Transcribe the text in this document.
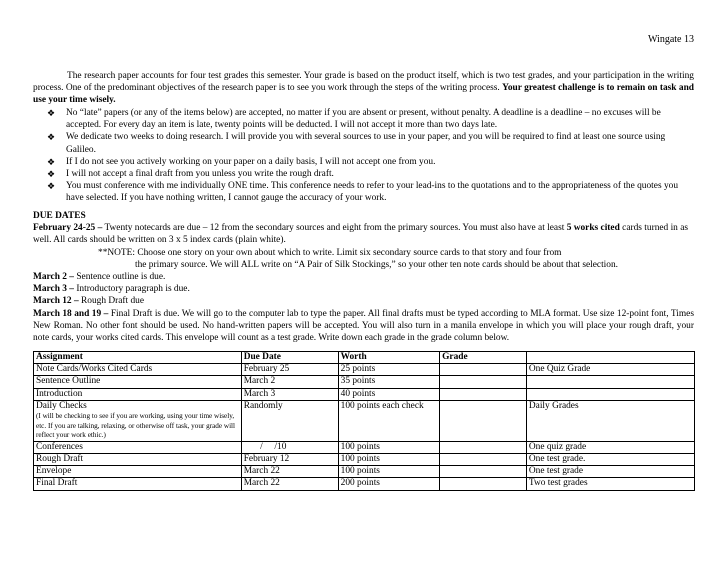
Wingate 13
The research paper accounts for four test grades this semester. Your grade is based on the product itself, which is two test grades, and your participation in the writing process. One of the predominant objectives of the research paper is to see you work through the steps of the writing process. Your greatest challenge is to remain on task and use your time wisely.
❖ No “late” papers (or any of the items below) are accepted, no matter if you are absent or present, without penalty. A deadline is a deadline – no excuses will be accepted. For every day an item is late, twenty points will be deducted. I will not accept it more than two days late.
❖ We dedicate two weeks to doing research. I will provide you with several sources to use in your paper, and you will be required to find at least one source using Galileo.
❖ If I do not see you actively working on your paper on a daily basis, I will not accept one from you.
❖ I will not accept a final draft from you unless you write the rough draft.
❖ You must conference with me individually ONE time. This conference needs to refer to your lead-ins to the quotations and to the appropriateness of the quotes you have selected. If you have nothing written, I cannot gauge the accuracy of your work.

DUE DATES

February 24-25 – Twenty notecards are due – 12 from the secondary sources and eight from the primary sources. You must also have at least 5 works cited cards turned in as well. All cards should be written on 3 x 5 index cards (plain white).

**NOTE: Choose one story on your own about which to write. Limit six secondary source cards to that story and four from

the primary source. We will ALL write on “A Pair of Silk Stockings,” so your other ten note cards should be about that selection.

March 2 – Sentence outline is due.

March 3 – Introductory paragraph is due.

March 12 – Rough Draft due

March 18 and 19 – Final Draft is due. We will go to the computer lab to type the paper. All final drafts must be typed according to MLA format. Use size 12-point font, Times New Roman. No other font should be used. No hand-written papers will be accepted. You will also turn in a manila envelope in which you will place your rough draft, your note cards, your works cited cards. This envelope will count as a test grade. Write down each grade in the grade column below.

Assignment	Due Date	Worth	Grade	
Note Cards/Works Cited Cards	February 25	25 points		One Quiz Grade
Sentence Outline	March 2	35 points		
Introduction	March 3	40 points		
Daily Checks
(I will be checking to see if you are working, using your time wisely, etc. If you are talking, relaxing, or otherwise off task, your grade will reflect your work ethic.)	Randomly	100 points each check		Daily Grades
Conferences	/     /10	100 points		One quiz grade
Rough Draft	February 12	100 points		One test grade.
Envelope	March 22	100 points		One test grade
Final Draft	March 22	200 points		Two test grades
